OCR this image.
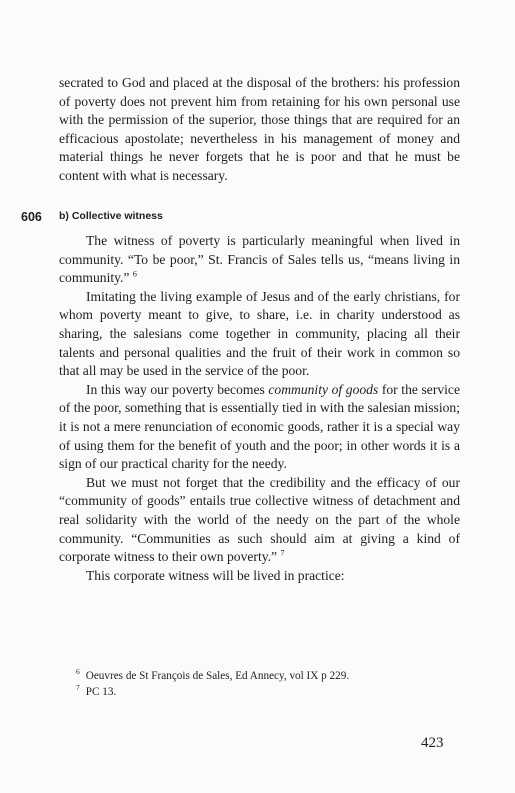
secrated to God and placed at the disposal of the brothers: his profession of poverty does not prevent him from retaining for his own personal use with the permission of the superior, those things that are required for an efficacious apostolate; nevertheless in his management of money and material things he never forgets that he is poor and that he must be content with what is necessary.

606 b) Collective witness

The witness of poverty is particularly meaningful when lived in community. “To be poor,” St. Francis of Sales tells us, “means living in community.” $^6$

Imitating the living example of Jesus and of the early christians, for whom poverty meant to give, to share, i.e. in charity understood as sharing, the salesians come together in community, placing all their talents and personal qualities and the fruit of their work in common so that all may be used in the service of the poor.

In this way our poverty becomes community of goods for the service of the poor, something that is essentially tied in with the salesian mission; it is not a mere renunciation of economic goods, rather it is a special way of using them for the benefit of youth and the poor; in other words it is a sign of our practical charity for the needy.

But we must not forget that the credibility and the efficacy of our “community of goods” entails true collective witness of detachment and real solidarity with the world of the needy on the part of the whole community. “Communities as such should aim at giving a kind of corporate witness to their own poverty.” $^7$

This corporate witness will be lived in practice:

$^6$ Oeuvres de St François de Sales, Ed Annecy, vol IX p 229.
$^7$ PC 13.
423
